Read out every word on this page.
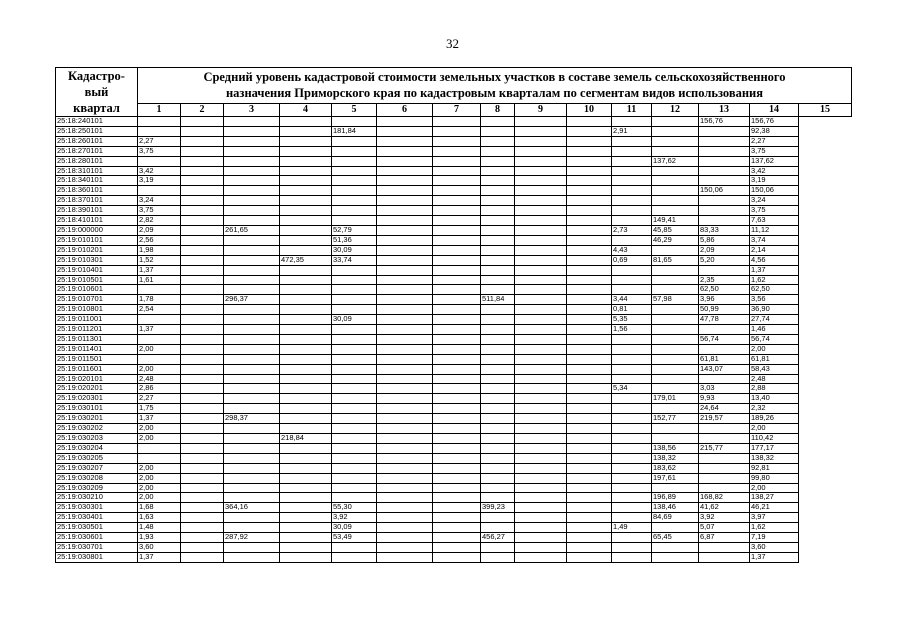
32
Кадастро-
вый
квартал	Средний уровень кадастровой стоимости земельных участков в составе земель сельскохозяйственного
назначения Приморского края по кадастровым кварталам по сегментам видов использования														
	1	2	3	4	5	6	7	8	9	10	11	12	13	14	15
25:18:240101													156,76	156,76	
25:18:250101					181,84						2,91			92,38	
25:18:260101	2,27													2,27	
25:18:270101	3,75													3,75	
25:18:280101												137,62		137,62	
25:18:310101	3,42													3,42	
25:18:340101	3,19													3,19	
25:18:360101													150,06	150,06	
25:18:370101	3,24													3,24	
25:18:390101	3,75													3,75	
25:18:410101	2,82											149,41		7,63	
25:19:000000	2,09		261,65		52,79						2,73	45,85	83,33	11,12	
25:19:010101	2,56				51,36							46,29	5,86	3,74	
25:19:010201	1,98				30,09						4,43		2,09	2,14	
25:19:010301	1,52			472,35	33,74						0,69	81,65	5,20	4,56	
25:19:010401	1,37													1,37	
25:19:010501	1,61												2,35	1,62	
25:19:010601													62,50	62,50	
25:19:010701	1,78		296,37					511,84			3,44	57,98	3,96	3,56	
25:19:010801	2,54										0,81		50,99	36,90	
25:19:011001					30,09						5,35		47,78	27,74	
25:19:011201	1,37										1,56			1,46	
25:19:011301													56,74	56,74	
25:19:011401	2,00													2,00	
25:19:011501													61,81	61,81	
25:19:011601	2,00												143,07	58,43	
25:19:020101	2,48													2,48	
25:19:020201	2,86										5,34		3,03	2,88	
25:19:020301	2,27											179,01	9,93	13,40	
25:19:030101	1,75												24,64	2,32	
25:19:030201	1,37		298,37									152,77	219,57	189,26	
25:19:030202	2,00													2,00	
25:19:030203	2,00			218,84										110,42	
25:19:030204												138,56	215,77	177,17	
25:19:030205												138,32		138,32	
25:19:030207	2,00											183,62		92,81	
25:19:030208	2,00											197,61		99,80	
25:19:030209	2,00													2,00	
25:19:030210	2,00											196,89	168,82	138,27	
25:19:030301	1,68		364,16		55,30			399,23				138,46	41,62	46,21	
25:19:030401	1,63				3,92							84,69	3,92	3,97	
25:19:030501	1,48				30,09						1,49		5,07	1,62	
25:19:030601	1,93		287,92		53,49			456,27				65,45	6,87	7,19	
25:19:030701	3,60													3,60	
25:19:030801	1,37													1,37	
